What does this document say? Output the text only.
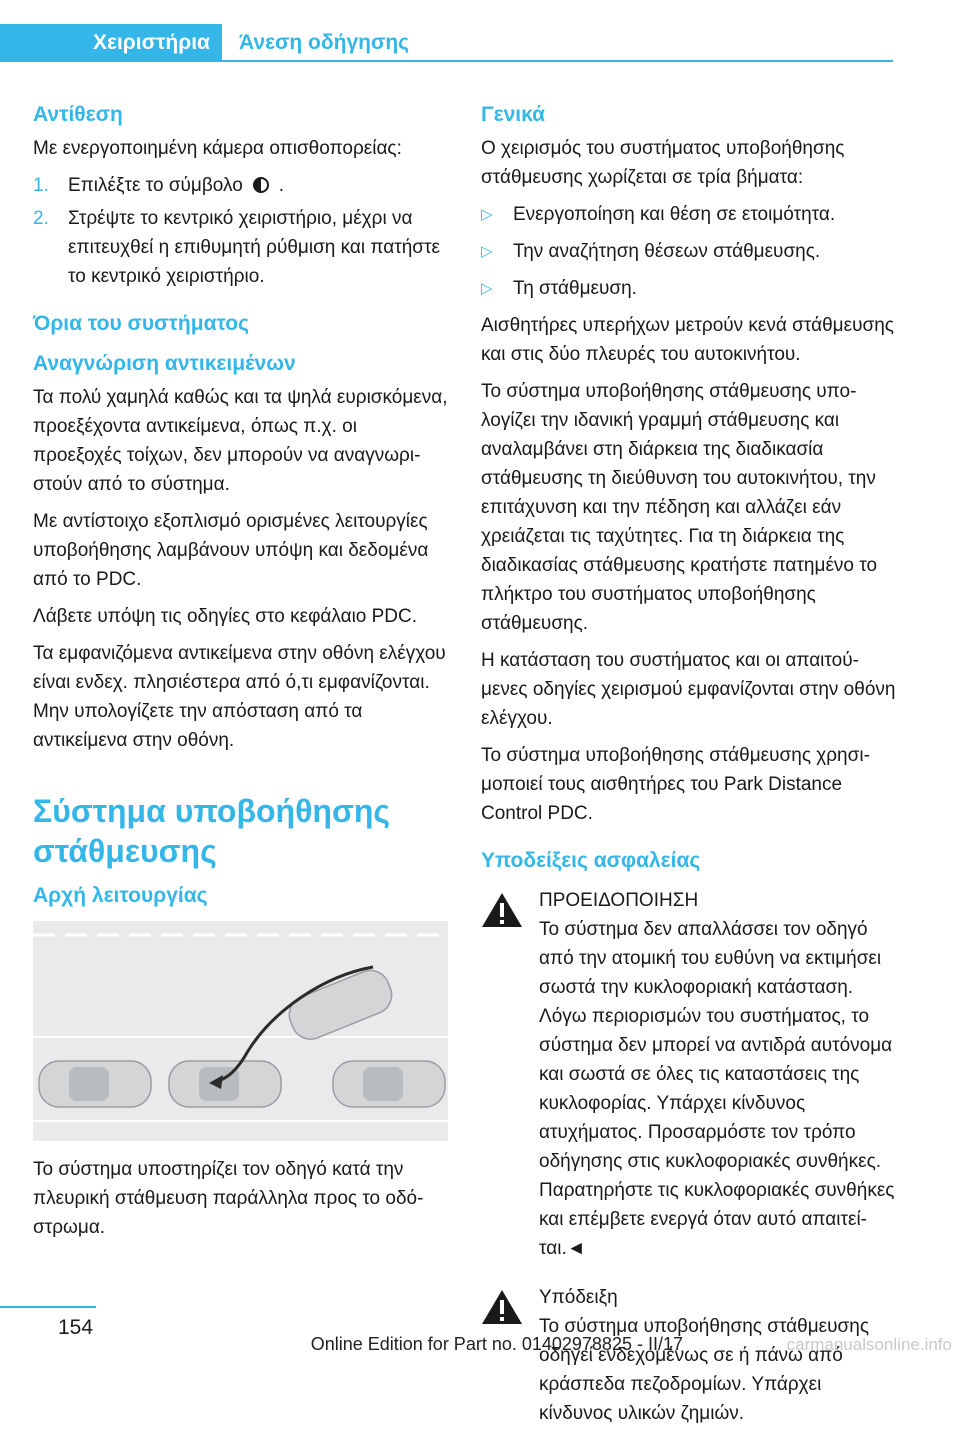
Χειριστήρια	Άνεση οδήγησης
Αντίθεση

Με ενεργοποιημένη κάμερα οπισθοπορείας:

1. Επιλέξτε το σύμβολο .
2. Στρέψτε το κεντρικό χειριστήριο, μέχρι να επιτευχθεί η επιθυμητή ρύθμιση και πατήστε το κεντρικό χειριστήριο.
Όρια του συστήματος
Αναγνώριση αντικειμένων

Τα πολύ χαμηλά καθώς και τα ψηλά ευρισκόμενα, προεξέχοντα αντικείμενα, όπως π.χ. οι προεξοχές τοίχων, δεν μπορούν να αναγνωριστούν από το σύστημα.

Με αντίστοιχο εξοπλισμό ορισμένες λειτουργίες υποβοήθησης λαμβάνουν υπόψη και δεδομένα από το PDC.

Λάβετε υπόψη τις οδηγίες στο κεφάλαιο PDC.

Τα εμφανιζόμενα αντικείμενα στην οθόνη ελέγχου είναι ενδεχ. πλησιέστερα από ό,τι εμφανίζονται. Μην υπολογίζετε την απόσταση από τα αντικείμενα στην οθόνη.

Σύστημα υποβοήθησης στάθμευσης
Αρχή λειτουργίας

Το σύστημα υποστηρίζει τον οδηγό κατά την πλευρική στάθμευση παράλληλα προς το οδόστρωμα.

Γενικά

Ο χειρισμός του συστήματος υποβοήθησης στάθμευσης χωρίζεται σε τρία βήματα:

▷ Ενεργοποίηση και θέση σε ετοιμότητα.
▷ Την αναζήτηση θέσεων στάθμευσης.
▷ Τη στάθμευση.

Αισθητήρες υπερήχων μετρούν κενά στάθμευσης και στις δύο πλευρές του αυτοκινήτου.

Το σύστημα υποβοήθησης στάθμευσης υπολογίζει την ιδανική γραμμή στάθμευσης και αναλαμβάνει στη διάρκεια της διαδικασία στάθμευσης τη διεύθυνση του αυτοκινήτου, την επιτάχυνση και την πέδηση και αλλάζει εάν χρειάζεται τις ταχύτητες. Για τη διάρκεια της διαδικασίας στάθμευσης κρατήστε πατημένο το πλήκτρο του συστήματος υποβοήθησης στάθμευσης.

Η κατάσταση του συστήματος και οι απαιτούμενες οδηγίες χειρισμού εμφανίζονται στην οθόνη ελέγχου.

Το σύστημα υποβοήθησης στάθμευσης χρησιμοποιεί τους αισθητήρες του Park Distance Control PDC.

Υποδείξεις ασφαλείας
ΠΡΟΕΙΔΟΠΟΙΗΣΗ
Το σύστημα δεν απαλλάσσει τον οδηγό από την ατομική του ευθύνη να εκτιμήσει σωστά την κυκλοφοριακή κατάσταση. Λόγω περιορισμών του συστήματος, το σύστημα δεν μπορεί να αντιδρά αυτόνομα και σωστά σε όλες τις καταστάσεις της κυκλοφορίας. Υπάρχει κίνδυνος ατυχήματος. Προσαρμόστε τον τρόπο οδήγησης στις κυκλοφοριακές συνθήκες. Παρατηρήστε τις κυκλοφοριακές συνθήκες και επέμβετε ενεργά όταν αυτό απαιτείται.◄
Υπόδειξη
Το σύστημα υποβοήθησης στάθμευσης οδηγεί ενδεχομένως σε ή πάνω από κράσπεδα πεζοδρομίων. Υπάρχει κίνδυνος υλικών ζημιών.
154
Online Edition for Part no. 01402978825 - II/17	carmanualsonline.info
